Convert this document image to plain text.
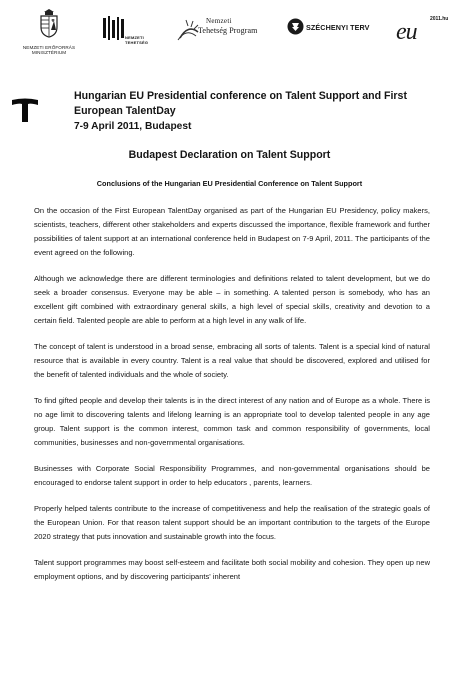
NEMZETI ERŐFORRÁS
MINISZTÉRIUM
NEMZETI
TEHETSÉG
Nemzeti
Tehetség Program	SZÉCHENYI TERV eu	2011.hu
Hungarian EU Presidential conference on Talent Support and First European TalentDay
7-9 April 2011, Budapest
Budapest Declaration on Talent Support
Conclusions of the Hungarian EU Presidential Conference on Talent Support

On the occasion of the First European TalentDay organised as part of the Hungarian EU Presidency, policy makers, scientists, teachers, different other stakeholders and experts discussed the importance, flexible framework and further possibilities of talent support at an international conference held in Budapest on 7-9 April, 2011. The participants of the event agreed on the following.

Although we acknowledge there are different terminologies and definitions related to talent development, but we do seek a broader consensus. Everyone may be able – in something. A talented person is somebody, who has an excellent gift combined with extraordinary general skills, a high level of special skills, creativity and devotion to a certain field. Talented people are able to perform at a high level in any walk of life.

The concept of talent is understood in a broad sense, embracing all sorts of talents. Talent is a special kind of natural resource that is available in every country. Talent is a real value that should be discovered, explored and utilised for the benefit of talented individuals and the whole of society.

To find gifted people and develop their talents is in the direct interest of any nation and of Europe as a whole. There is no age limit to discovering talents and lifelong learning is an appropriate tool to develop talented people in any age group. Talent support is the common interest, common task and common responsibility of governments, local communities, businesses and non-governmental organisations.

Businesses with Corporate Social Responsibility Programmes, and non-governmental organisations should be encouraged to endorse talent support in order to help educators , parents, learners.

Properly helped talents contribute to the increase of competitiveness and help the realisation of the strategic goals of the European Union. For that reason talent support should be an important contribution to the targets of the Europe 2020 strategy that puts innovation and sustainable growth into the focus.

Talent support programmes may boost self-esteem and facilitate both social mobility and cohesion. They open up new employment options, and by discovering participants' inherent
